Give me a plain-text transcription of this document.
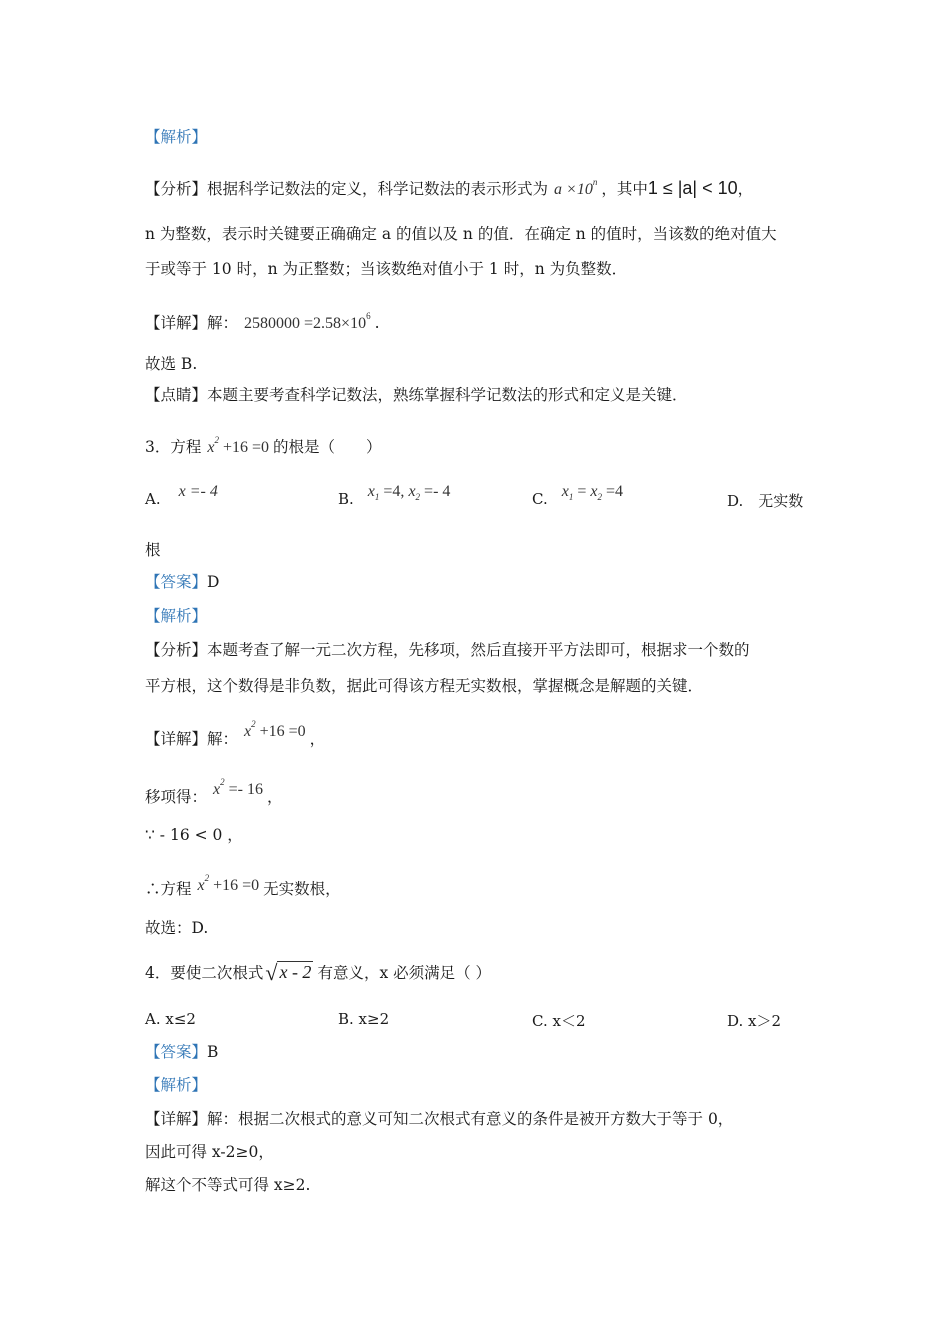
【解析】
【分析】根据科学记数法的定义，科学记数法的表示形式为 $a \times 10^n$ ，其中1 ≤ |a| < 10，
n 为整数，表示时关键要正确确定 a 的值以及 n 的值．在确定 n 的值时，当该数的绝对值大
于或等于 10 时，n 为正整数；当该数绝对值小于 1 时，n 为负整数．
【详解】解： $2580000 =2.58\times 10^6$ .
故选 B.
【点睛】本题主要考查科学记数法，熟练掌握科学记数法的形式和定义是关键．
3．方程 $x^2 +16 =0$ 的根是（　　）
A. x =- 4	B. $x_1 =4$, $x_2 =- 4$	C. $x_1 = x_2 =4$
D.　无实数
根
【答案】D
【解析】
【分析】本题考查了解一元二次方程，先移项，然后直接开平方法即可，根据求一个数的
平方根，这个数得是非负数，据此可得该方程无实数根，掌握概念是解题的关键．
【详解】解： $x^2 +16 =0$ ，
移项得： $x^2 =- 16$ ，
∵ - 16 < 0 ，
∴方程 $x^2 +16 =0$ 无实数根，
故选：D.
4．要使二次根式√ x - 2 有意义，x 必须满足（ ）
A. x≤2	B. x≥2	C. x＜2	D. x＞2
【答案】B
【解析】
【详解】解：根据二次根式的意义可知二次根式有意义的条件是被开方数大于等于 0，
因此可得 x-2≥0，
解这个不等式可得 x≥2.
